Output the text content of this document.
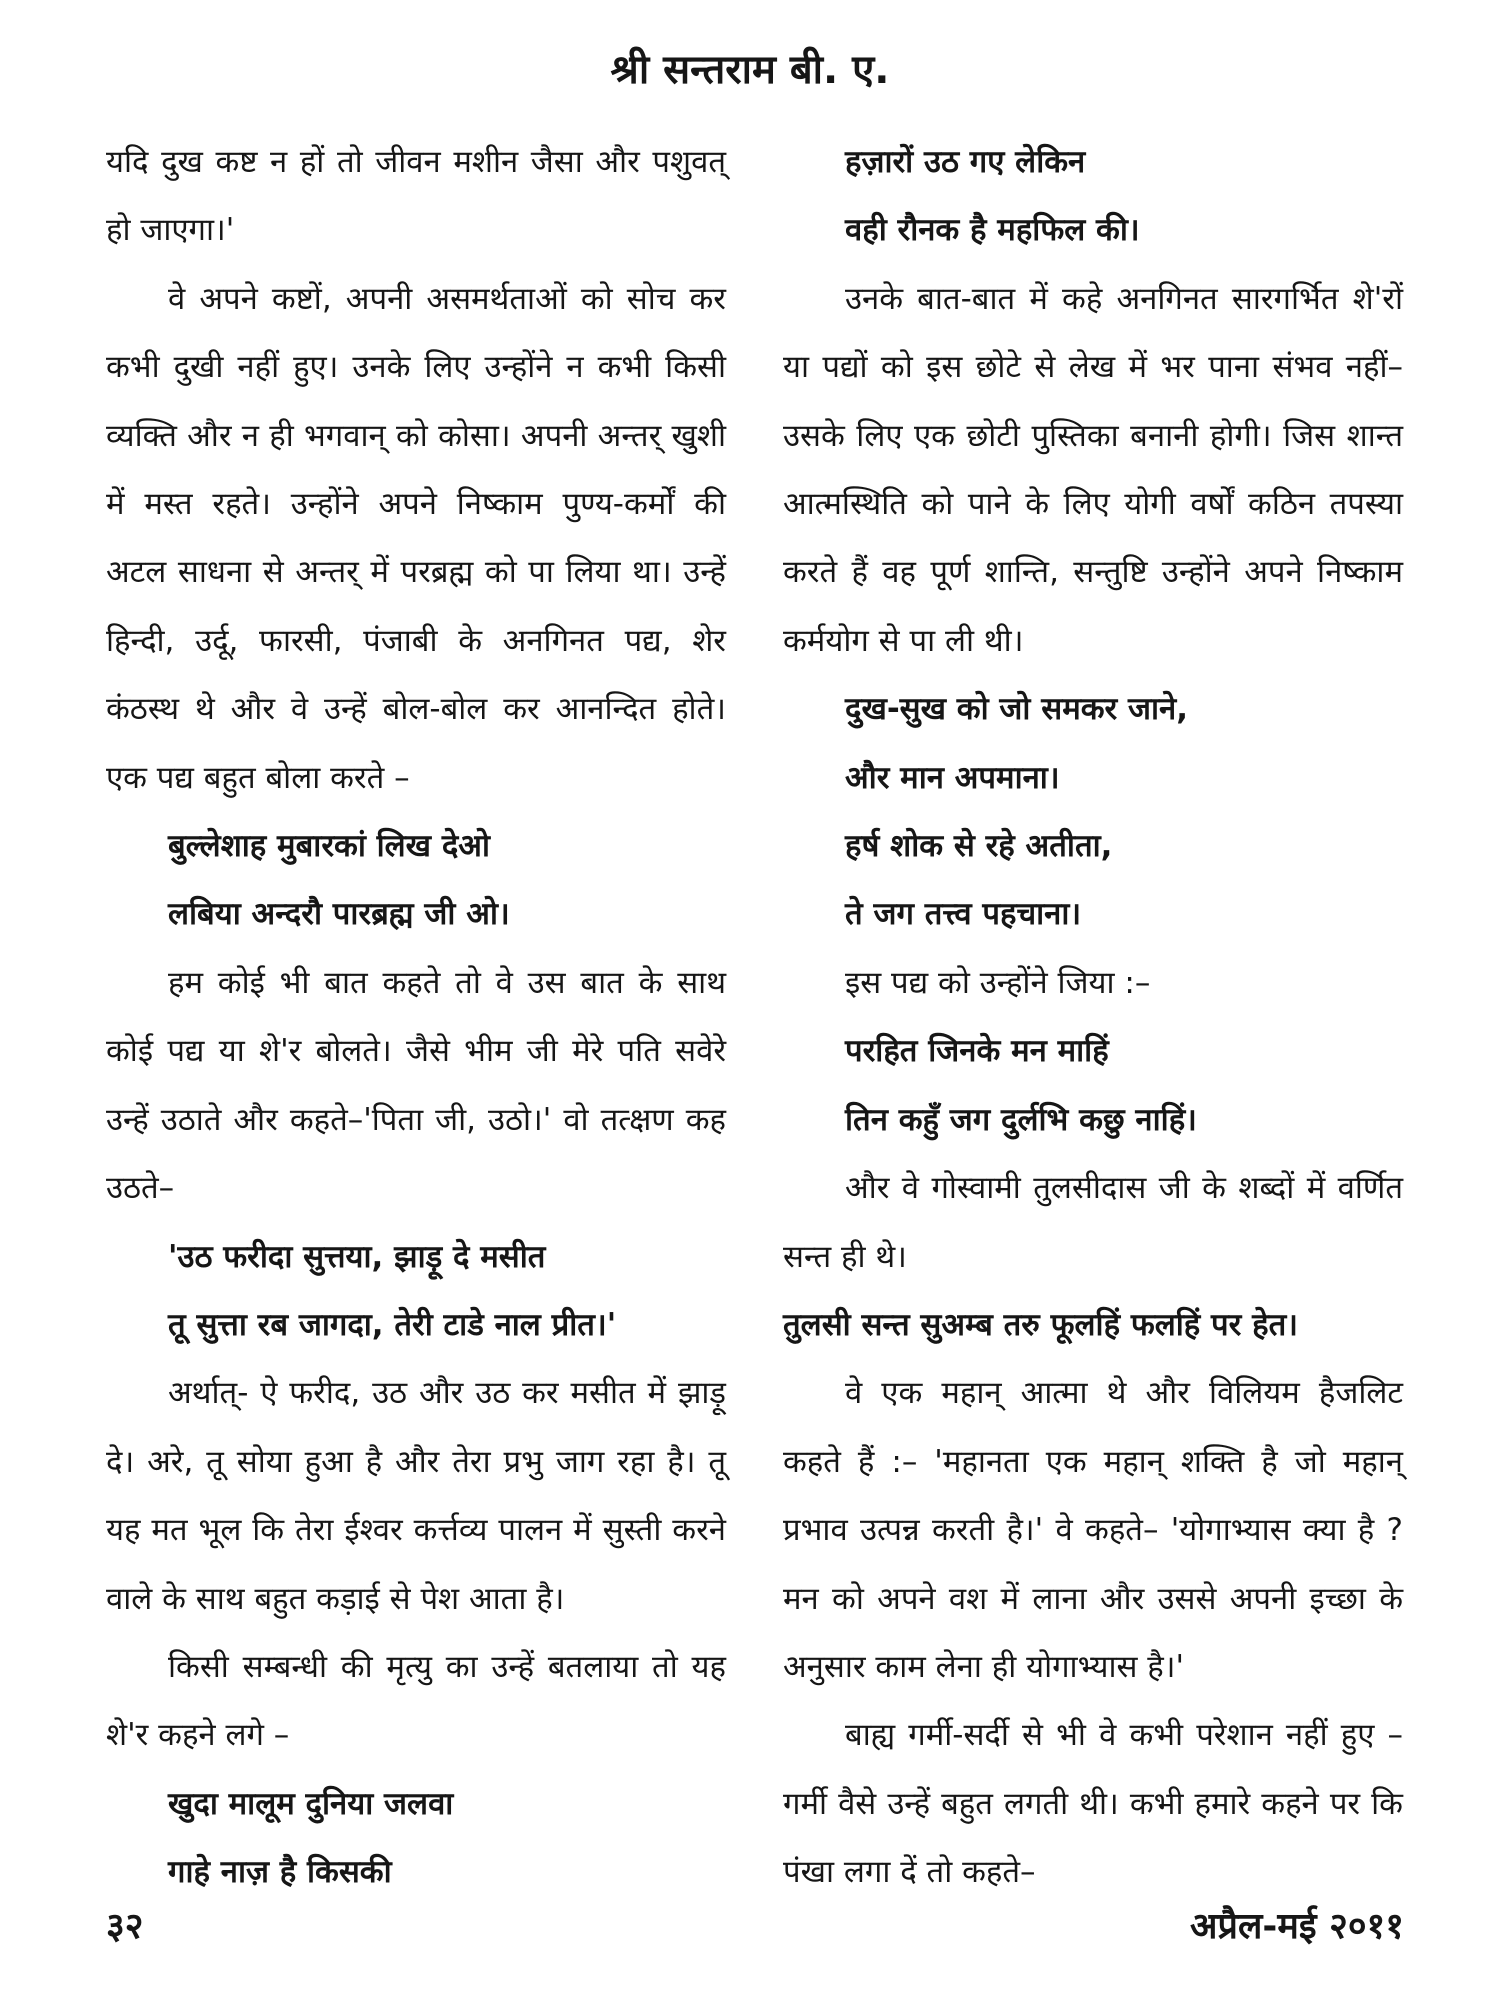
श्री सन्तराम बी. ए.

यदि दुख कष्ट न हों तो जीवन मशीन जैसा और पशुवत् हो जाएगा।'

वे अपने कष्टों, अपनी असमर्थताओं को सोच कर कभी दुखी नहीं हुए। उनके लिए उन्होंने न कभी किसी व्यक्ति और न ही भगवान् को कोसा। अपनी अन्तर् खुशी में मस्त रहते। उन्होंने अपने निष्काम पुण्य-कर्मों की अटल साधना से अन्तर् में परब्रह्म को पा लिया था। उन्हें हिन्दी, उर्दू, फारसी, पंजाबी के अनगिनत पद्य, शेर कंठस्थ थे और वे उन्हें बोल-बोल कर आनन्दित होते। एक पद्य बहुत बोला करते –

बुल्लेशाह मुबारकां लिख देओ

लबिया अन्दरौ पारब्रह्म जी ओ।

हम कोई भी बात कहते तो वे उस बात के साथ कोई पद्य या शे'र बोलते। जैसे भीम जी मेरे पति सवेरे उन्हें उठाते और कहते–'पिता जी, उठो।' वो तत्क्षण कह उठते–

'उठ फरीदा सुत्तया, झाड़ू दे मसीत

तू सुत्ता रब जागदा, तेरी टाडे नाल प्रीत।'

अर्थात्- ऐ फरीद, उठ और उठ कर मसीत में झाड़ू दे। अरे, तू सोया हुआ है और तेरा प्रभु जाग रहा है। तू यह मत भूल कि तेरा ईश्वर कर्त्तव्य पालन में सुस्ती करने वाले के साथ बहुत कड़ाई से पेश आता है।

किसी सम्बन्धी की मृत्यु का उन्हें बतलाया तो यह शे'र कहने लगे –

खुदा मालूम दुनिया जलवा

गाहे नाज़ है किसकी

हज़ारों उठ गए लेकिन

वही रौनक है महफिल की।

उनके बात-बात में कहे अनगिनत सारगर्भित शे'रों या पद्यों को इस छोटे से लेख में भर पाना संभव नहीं–उसके लिए एक छोटी पुस्तिका बनानी होगी। जिस शान्त आत्मस्थिति को पाने के लिए योगी वर्षों कठिन तपस्या करते हैं वह पूर्ण शान्ति, सन्तुष्टि उन्होंने अपने निष्काम कर्मयोग से पा ली थी।

दुख-सुख को जो समकर जाने,

और मान अपमाना।

हर्ष शोक से रहे अतीता,

ते जग तत्त्व पहचाना।

इस पद्य को उन्होंने जिया :–

परहित जिनके मन माहिं

तिन कहुँ जग दुर्लभि कछु नाहिं।

और वे गोस्वामी तुलसीदास जी के शब्दों में वर्णित सन्त ही थे।

तुलसी सन्त सुअम्ब तरु फूलहिं फलहिं पर हेत।

वे एक महान् आत्मा थे और विलियम हैजलिट कहते हैं :– 'महानता एक महान् शक्ति है जो महान् प्रभाव उत्पन्न करती है।' वे कहते– 'योगाभ्यास क्या है ? मन को अपने वश में लाना और उससे अपनी इच्छा के अनुसार काम लेना ही योगाभ्यास है।'

बाह्य गर्मी-सर्दी से भी वे कभी परेशान नहीं हुए – गर्मी वैसे उन्हें बहुत लगती थी। कभी हमारे कहने पर कि पंखा लगा दें तो कहते–

३२	अप्रैल-मई २०११
